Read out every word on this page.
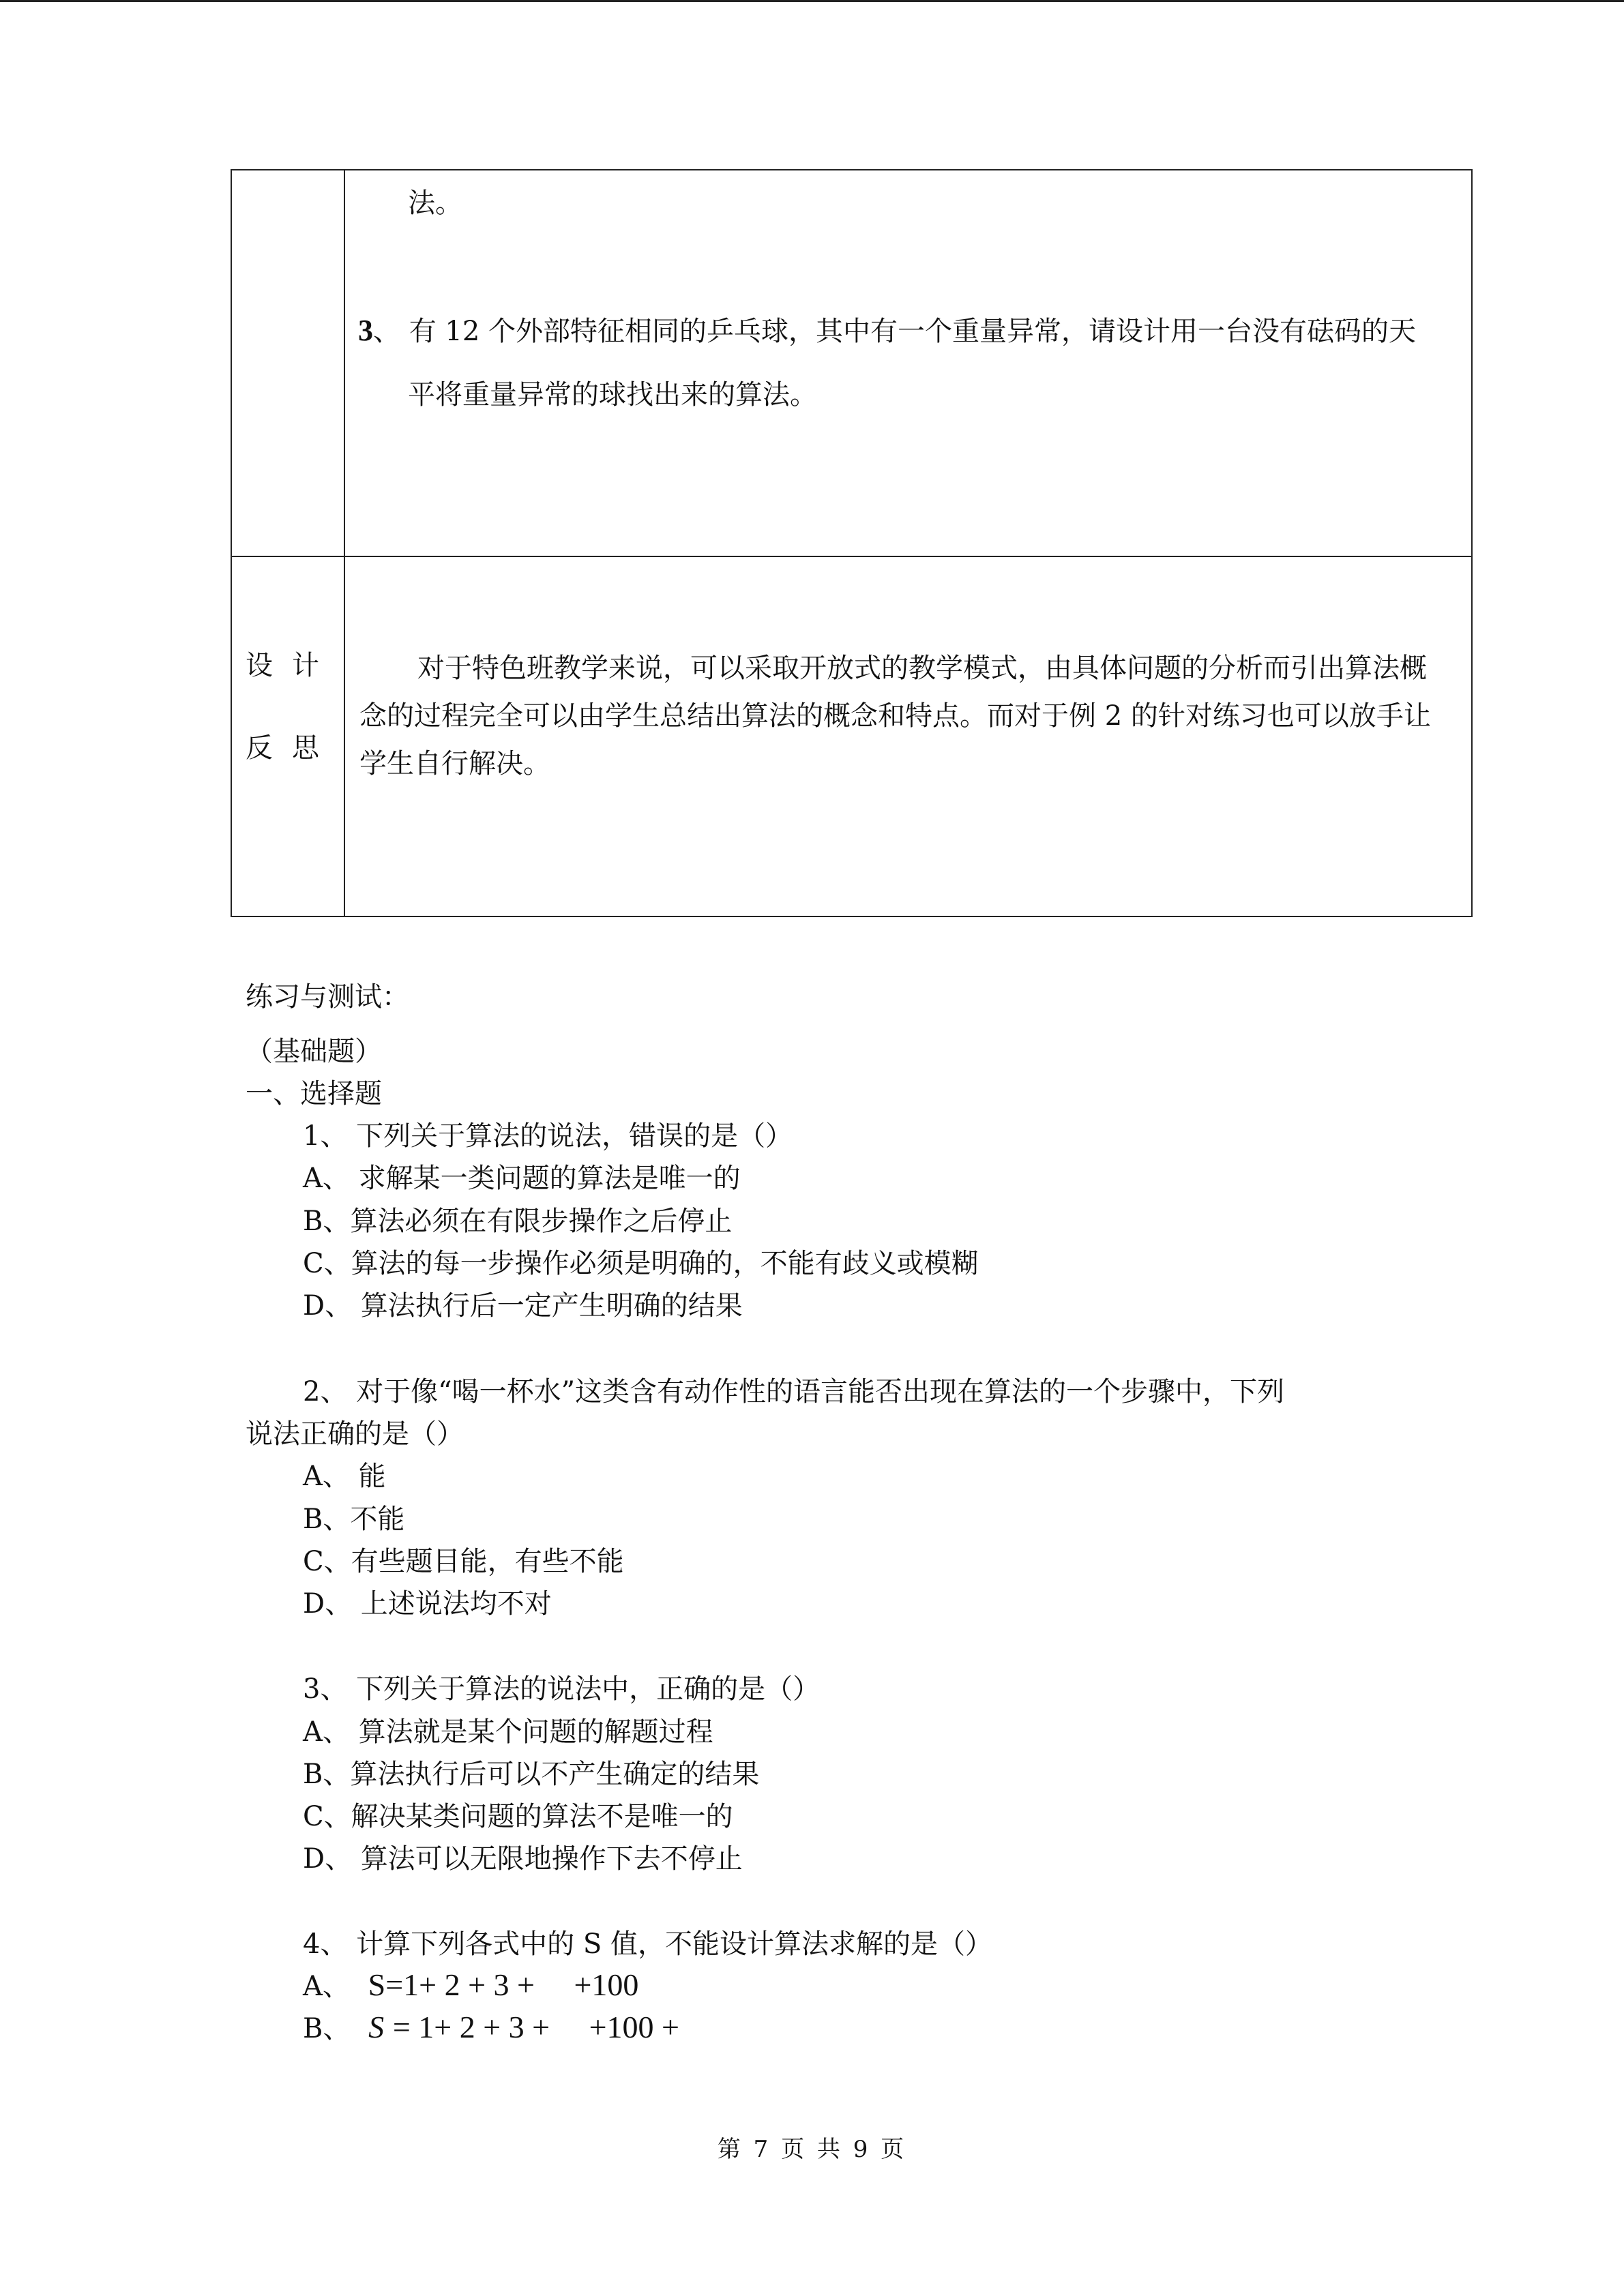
法。
3、 有 12 个外部特征相同的乒乓球，其中有一个重量异常，请设计用一台没有砝码的天
平将重量异常的球找出来的算法。
设计
反思

对于特色班教学来说，可以采取开放式的教学模式，由具体问题的分析而引出算法概念的过程完全可以由学生总结出算法的概念和特点。而对于例 2 的针对练习也可以放手让学生自行解决。

练习与测试：
（基础题）
一、选择题
1、 下列关于算法的说法，错误的是（）
A、 求解某一类问题的算法是唯一的
B、算法必须在有限步操作之后停止
C、算法的每一步操作必须是明确的，不能有歧义或模糊
D、 算法执行后一定产生明确的结果
2、 对于像“喝一杯水”这类含有动作性的语言能否出现在算法的一个步骤中，下列
说法正确的是（）
A、 能
B、不能
C、有些题目能，有些不能
D、 上述说法均不对
3、 下列关于算法的说法中，正确的是（）
A、 算法就是某个问题的解题过程
B、算法执行后可以不产生确定的结果
C、解决某类问题的算法不是唯一的
D、 算法可以无限地操作下去不停止
4、 计算下列各式中的 S 值，不能设计算法求解的是（）
A、 S=1+ 2 + 3 +     +100
B、 S = 1+ 2 + 3 +     +100 +
第 7 页 共 9 页
